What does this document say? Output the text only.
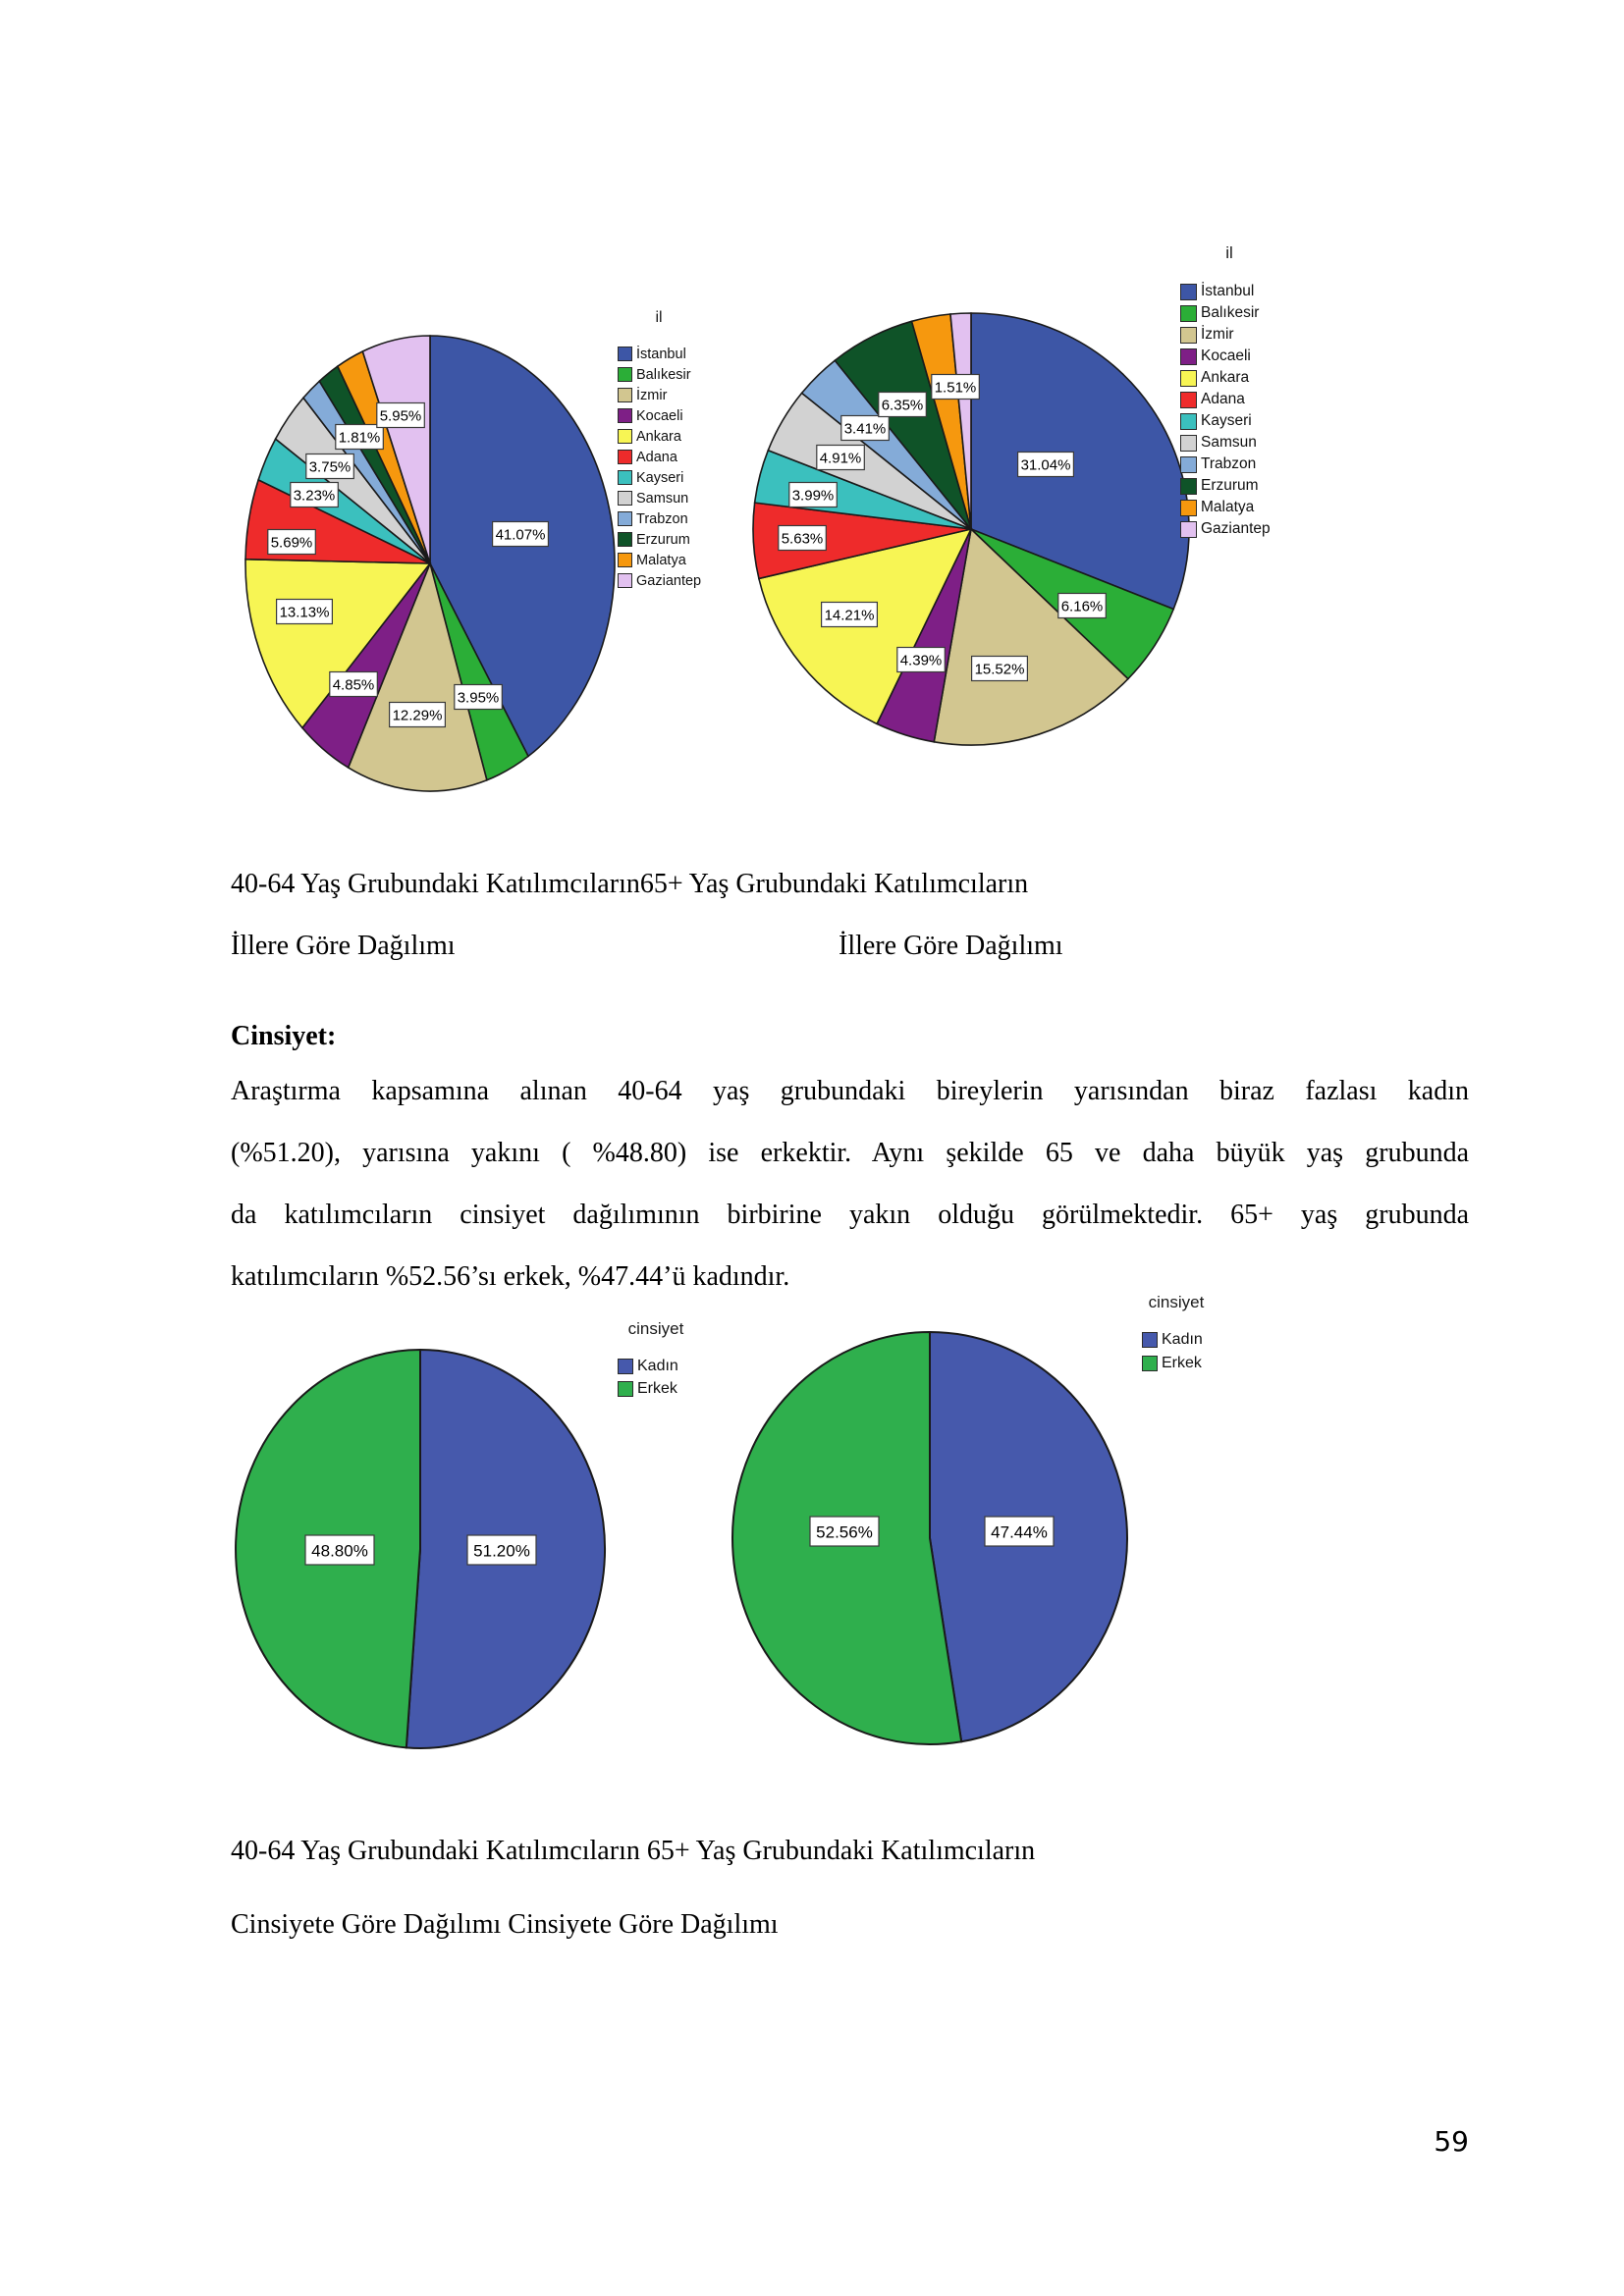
41.07%
3.95%
12.29%
4.85%
13.13%
5.69%
3.23%
3.75%
1.81%
5.95%
il
İstanbul
Balıkesir
İzmir
Kocaeli
Ankara
Adana
Kayseri
Samsun
Trabzon
Erzurum
Malatya
Gaziantep
31.04%
6.16%
15.52%
4.39%
14.21%
5.63%
3.99%
4.91%
3.41%
6.35%
1.51%
il
İstanbul
Balıkesir
İzmir
Kocaeli
Ankara
Adana
Kayseri
Samsun
Trabzon
Erzurum
Malatya
Gaziantep
40-64 Yaş Grubundaki Katılımcıların65+ Yaş Grubundaki Katılımcıların
İllere Göre Dağılımı	İllere Göre Dağılımı
Cinsiyet:
Araştırma kapsamına alınan 40-64 yaş grubundaki bireylerin yarısından biraz fazlası kadın
(%51.20), yarısına yakını ( %48.80) ise erkektir. Aynı şekilde 65 ve daha büyük yaş grubunda
da katılımcıların cinsiyet dağılımının birbirine yakın olduğu görülmektedir. 65+ yaş grubunda
katılımcıların %52.56’sı erkek, %47.44’ü kadındır.
51.20%
48.80%
cinsiyet
Kadın
Erkek
47.44%
52.56%
cinsiyet
Kadın
Erkek
40-64 Yaş Grubundaki Katılımcıların 65+ Yaş Grubundaki Katılımcıların
Cinsiyete Göre Dağılımı Cinsiyete Göre Dağılımı
59
